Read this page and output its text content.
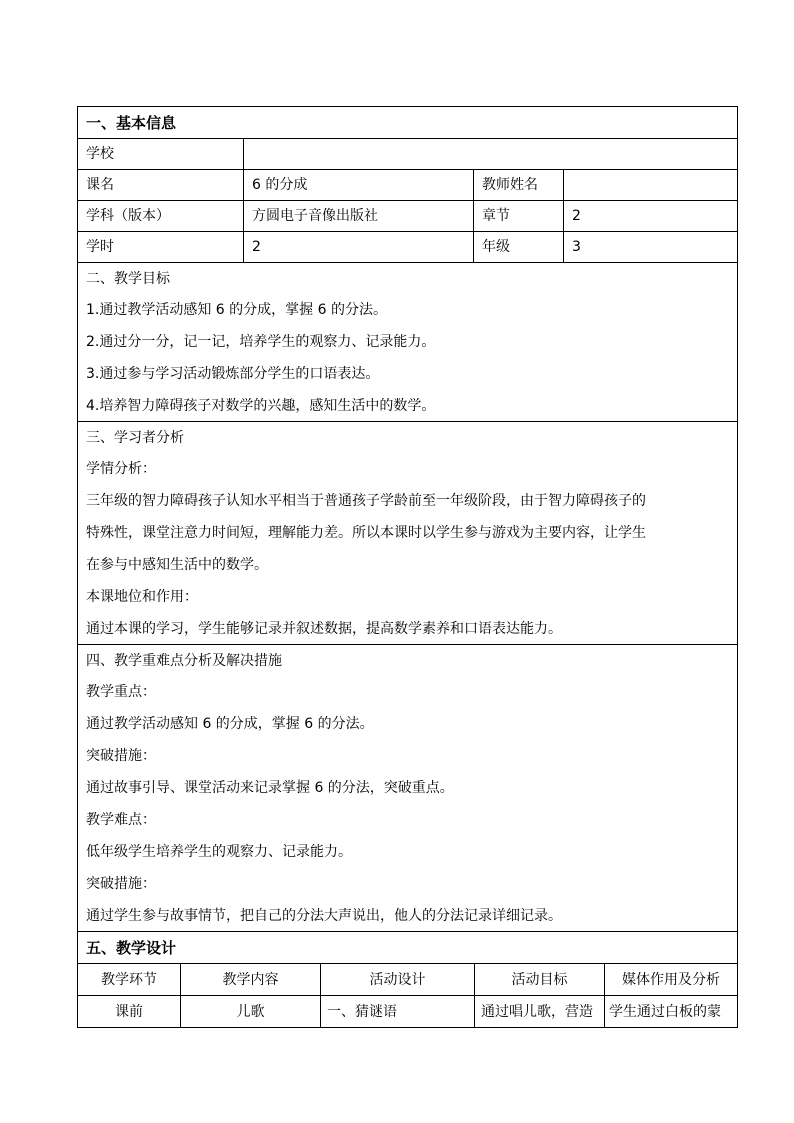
一、基本信息			
学校			
课名	6 的分成	教师姓名	
学科（版本）	方圆电子音像出版社	章节	2
学时	2	年级	3
二、教学目标			
1.通过教学活动感知 6 的分成，掌握 6 的分法。			
2.通过分一分，记一记，培养学生的观察力、记录能力。			
3.通过参与学习活动锻炼部分学生的口语表达。			
4.培养智力障碍孩子对数学的兴趣，感知生活中的数学。			
三、学习者分析			
学情分析：			
三年级的智力障碍孩子认知水平相当于普通孩子学龄前至一年级阶段，由于智力障碍孩子的			
特殊性，课堂注意力时间短，理解能力差。所以本课时以学生参与游戏为主要内容，让学生			
在参与中感知生活中的数学。			
本课地位和作用：			
通过本课的学习，学生能够记录并叙述数据，提高数学素养和口语表达能力。			
四、教学重难点分析及解决措施			
教学重点：			
通过教学活动感知 6 的分成，掌握 6 的分法。			
突破措施：			
通过故事引导、课堂活动来记录掌握 6 的分法，突破重点。			
教学难点：			
低年级学生培养学生的观察力、记录能力。			
突破措施：			
通过学生参与故事情节，把自己的分法大声说出，他人的分法记录详细记录。			
五、教学设计			
教学环节	教学内容	活动设计	活动目标	媒体作用及分析
课前	儿歌	一、猜谜语	通过唱儿歌，营造	学生通过白板的蒙
